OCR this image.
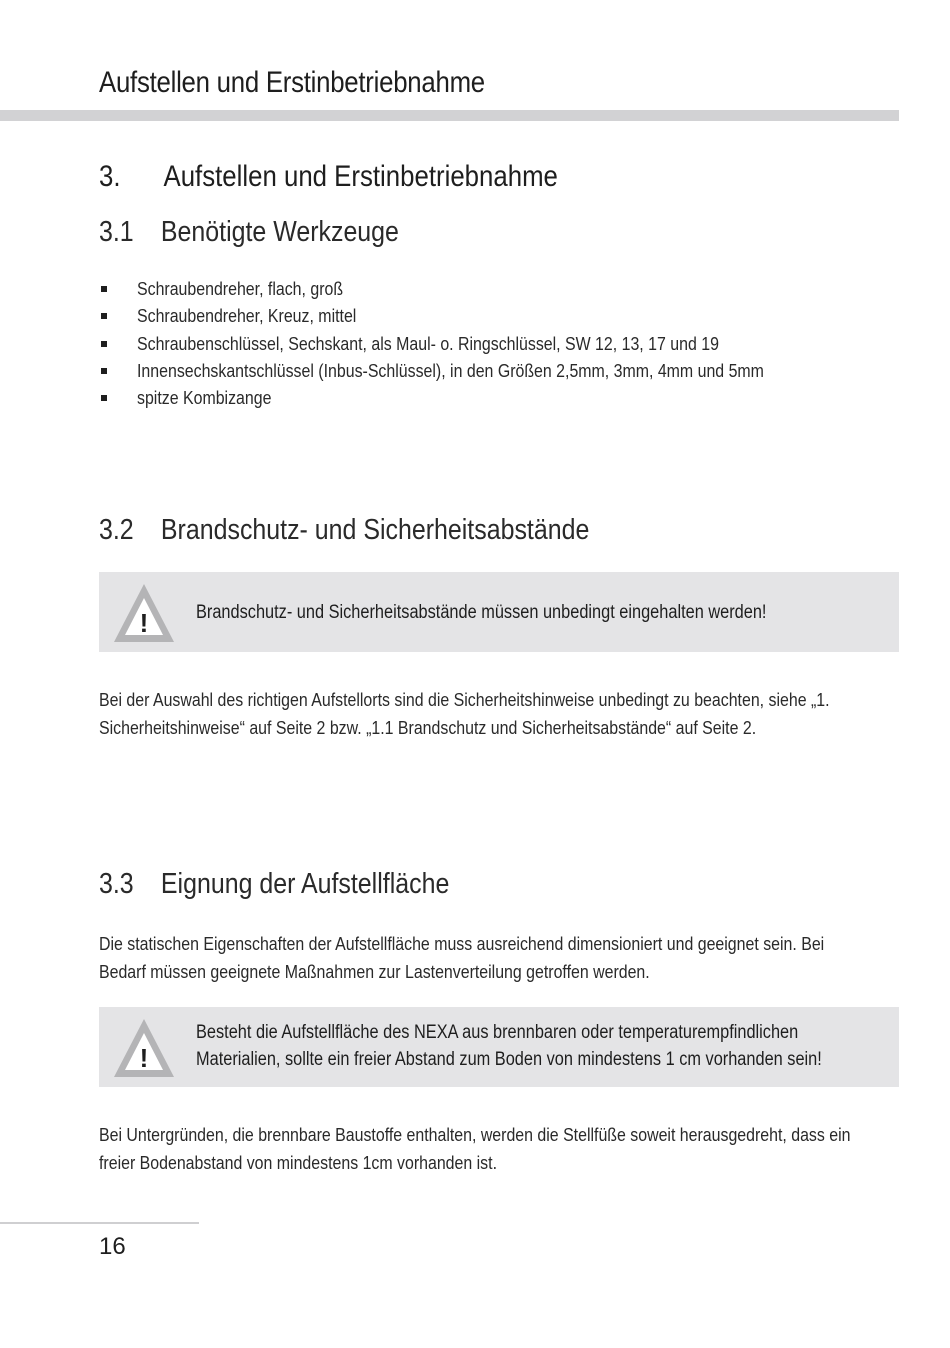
Aufstellen und Erstinbetriebnahme
3. Aufstellen und Erstinbetriebnahme
3.1 Benötigte Werkzeuge
Schraubendreher, flach, groß
Schraubendreher, Kreuz, mittel
Schraubenschlüssel, Sechskant, als Maul- o. Ringschlüssel, SW 12, 13, 17 und 19
Innensechskantschlüssel (Inbus-Schlüssel), in den Größen 2,5mm, 3mm, 4mm und 5mm
spitze Kombizange
3.2 Brandschutz- und Sicherheitsabstände
!	Brandschutz- und Sicherheitsabstände müssen unbedingt eingehalten werden!
Bei der Auswahl des richtigen Aufstellorts sind die Sicherheitshinweise unbedingt zu beachten, siehe „1.
Sicherheitshinweise“ auf Seite 2 bzw. „1.1 Brandschutz und Sicherheitsabstände“ auf Seite 2.
3.3 Eignung der Aufstellfläche
Die statischen Eigenschaften der Aufstellfläche muss ausreichend dimensioniert und geeignet sein. Bei
Bedarf müssen geeignete Maßnahmen zur Lastenverteilung getroffen werden.
!
Besteht die Aufstellfläche des NEXA aus brennbaren oder temperaturempfindlichen
Materialien, sollte ein freier Abstand zum Boden von mindestens 1 cm vorhanden sein!
Bei Untergründen, die brennbare Baustoffe enthalten, werden die Stellfüße soweit herausgedreht, dass ein
freier Bodenabstand von mindestens 1cm vorhanden ist.
16
